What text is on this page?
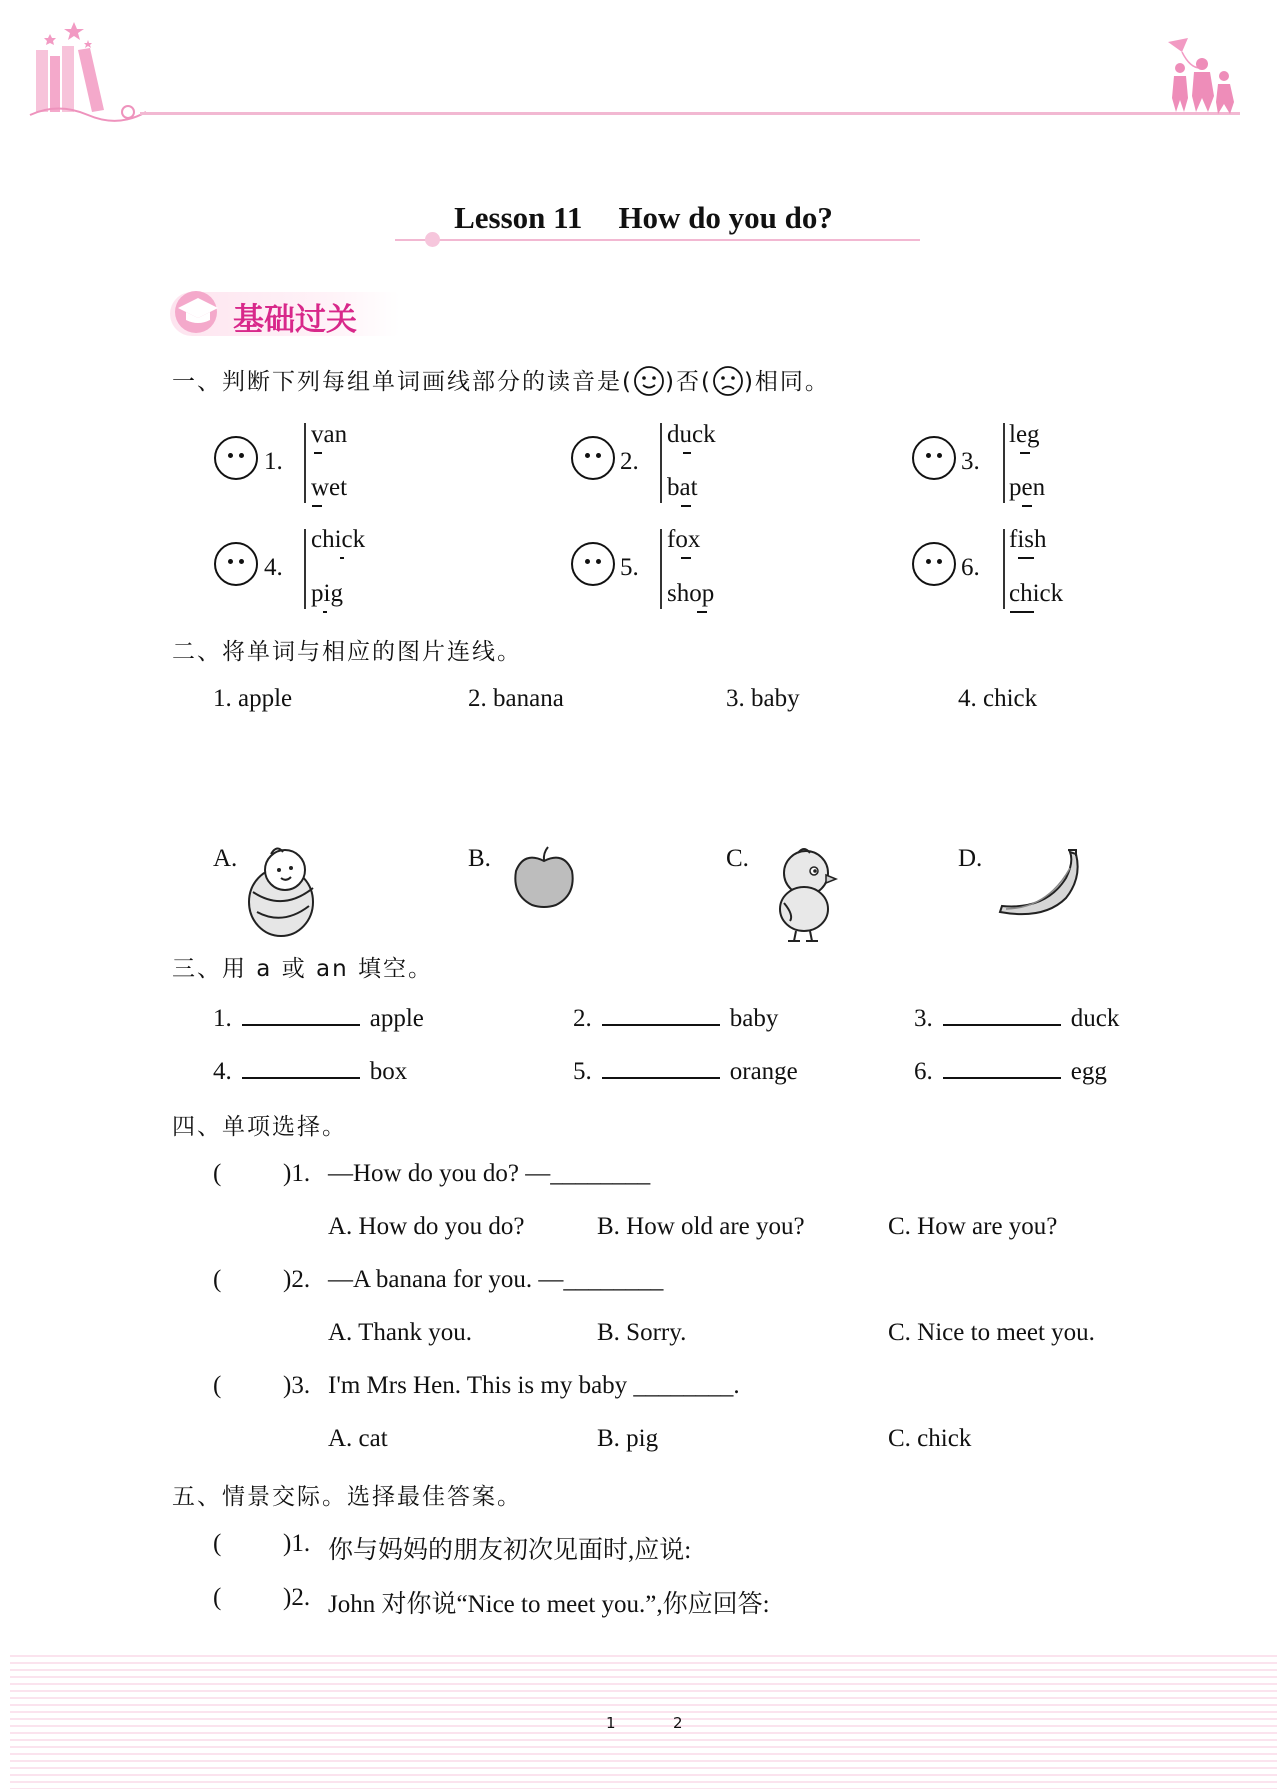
Lesson 11 How do you do?
基础过关
一、判断下列每组单词画线部分的读音是( )否( )相同。
1.
van
wet
2.
duck
bat
3.
leg
pen
4.
chick
pig
5.
fox
shop
6.
fish
chick
二、将单词与相应的图片连线。
1. apple	2. banana	3. baby	4. chick
A.	B.	C.	D.
三、用 a 或 an 填空。
1.	apple	2.	baby	3.	duck
4.	box	5.	orange	6.	egg
四、单项选择。
( )1. —How do you do? —________
A. How do you do?	B. How old are you?	C. How are you?
( )2. —A banana for you. —________
A. Thank you.	B. Sorry.	C. Nice to meet you.
( )3. I'm Mrs Hen. This is my baby ________.
A. cat	B. pig	C. chick
五、情景交际。选择最佳答案。
( )1. 你与妈妈的朋友初次见面时,应说:
( )2. John 对你说“Nice to meet you.”,你应回答:
1	2
